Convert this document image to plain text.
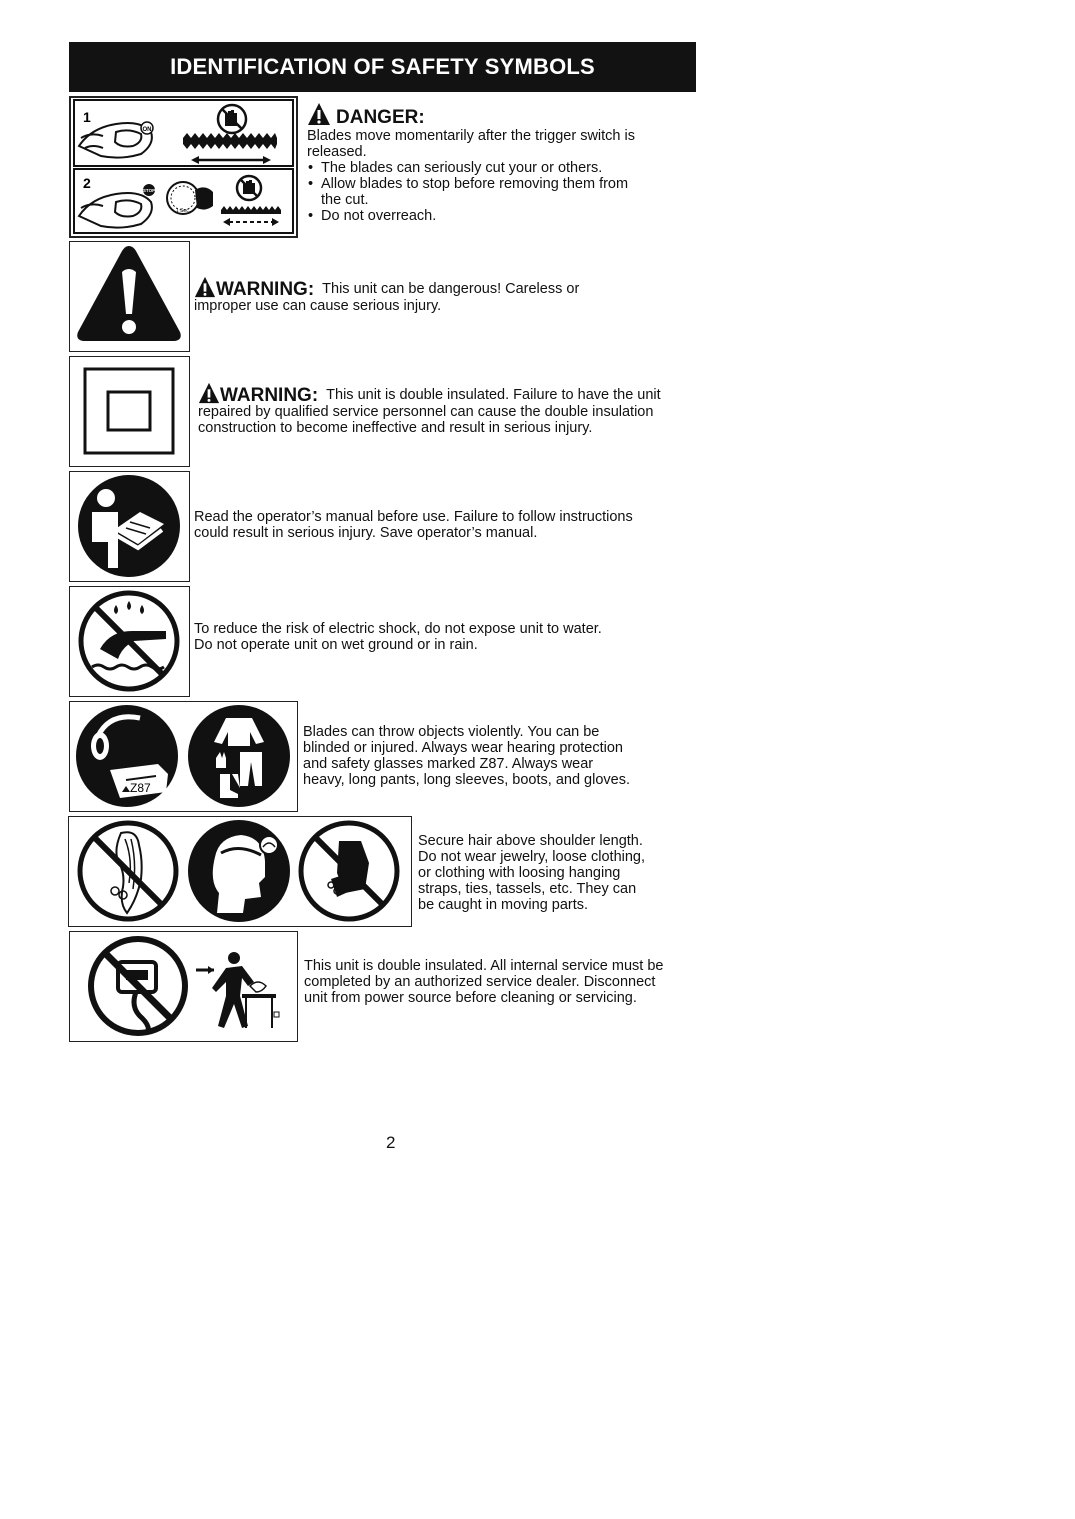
IDENTIFICATION OF SAFETY SYMBOLS
ON
1
STOP
1 Sec.
2
DANGER:

Blades move momentarily after the trigger switch is

released.

• The blades can seriously cut your or others.
• Allow blades to stop before removing them from
the cut.
• Do not overreach.
WARNING: This unit can be dangerous! Careless or

improper use can cause serious injury.

WARNING: This unit is double insulated. Failure to have the unit

repaired by qualified service personnel can cause the double insulation

construction to become ineffective and result in serious injury.

Read the operator’s manual before use. Failure to follow instructions

could result in serious injury. Save operator’s manual.

To reduce the risk of electric shock, do not expose unit to water.

Do not operate unit on wet ground or in rain.

Z87

Blades can throw objects violently. You can be

blinded or injured. Always wear hearing protection

and safety glasses marked Z87. Always wear

heavy, long pants, long sleeves, boots, and gloves.

Secure hair above shoulder length.

Do not wear jewelry, loose clothing,

or clothing with loosing hanging

straps, ties, tassels, etc. They can

be caught in moving parts.

This unit is double insulated. All internal service must be

completed by an authorized service dealer. Disconnect

unit from power source before cleaning or servicing.

2
